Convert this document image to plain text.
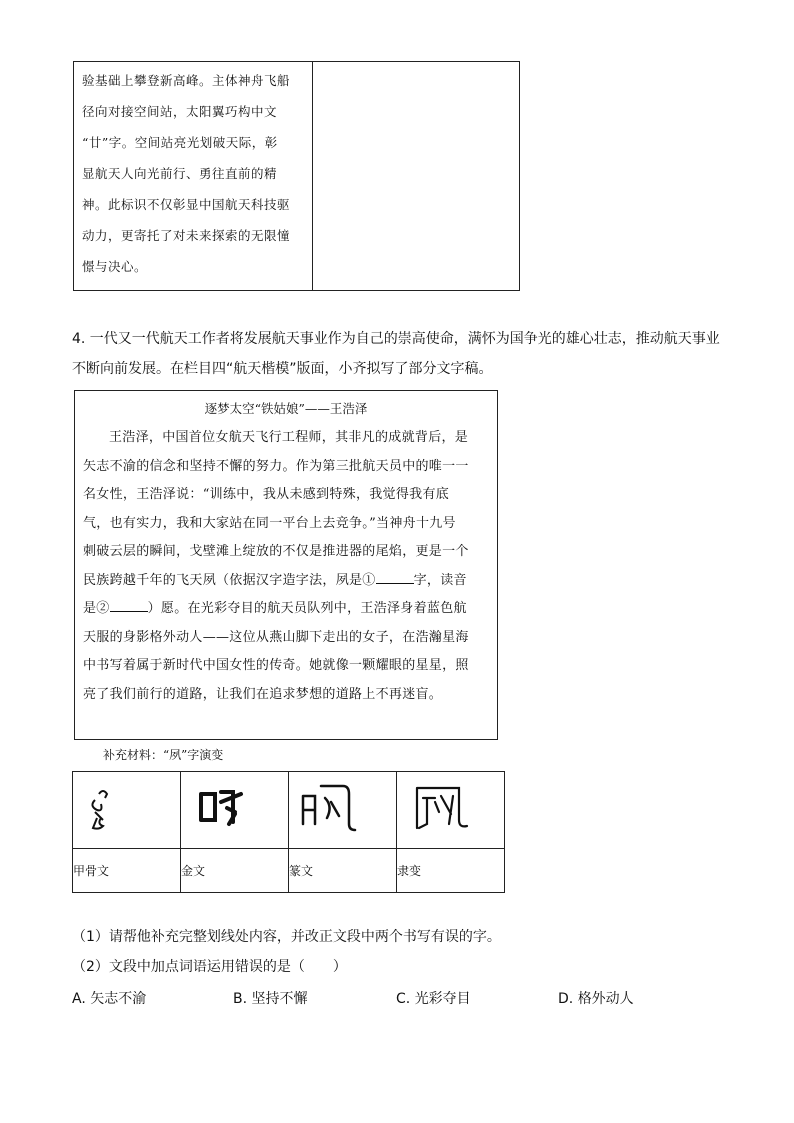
验基础上攀登新高峰。主体神舟飞船
径向对接空间站，太阳翼巧构中文
“廿”字。空间站亮光划破天际，彰
显航天人向光前行、勇往直前的精
神。此标识不仅彰显中国航天科技驱
动力，更寄托了对未来探索的无限憧
憬与决心。
4. 一代又一代航天工作者将发展航天事业作为自己的崇高使命，满怀为国争光的雄心壮志，推动航天事业
不断向前发展。在栏目四“航天楷模”版面，小齐拟写了部分文字稿。
逐梦太空“铁姑娘”——王浩泽
王浩泽，中国首位女航天飞行工程师，其非凡的成就背后，是
矢志不渝的信念和坚持不懈的努力。作为第三批航天员中的唯一一
名女性，王浩泽说：“训练中，我从未感到特殊，我觉得我有底
气，也有实力，我和大家站在同一平台上去竞争。”当神舟十九号
刺破云层的瞬间，戈壁滩上绽放的不仅是推进器的尾焰，更是一个
民族跨越千年的飞天夙（依据汉字造字法，夙是①	字，读音
是②	）愿。在光彩夺目的航天员队列中，王浩泽身着蓝色航
天服的身影格外动人——这位从燕山脚下走出的女子，在浩瀚星海
中书写着属于新时代中国女性的传奇。她就像一颗耀眼的星星，照
亮了我们前行的道路，让我们在追求梦想的道路上不再迷盲。
补充材料：“夙”字演变

甲骨文	金文	篆文	隶变
（1）请帮他补充完整划线处内容，并改正文段中两个书写有误的字。
（2）文段中加点词语运用错误的是（　　）
A. 矢志不渝	B. 坚持不懈	C. 光彩夺目	D. 格外动人
